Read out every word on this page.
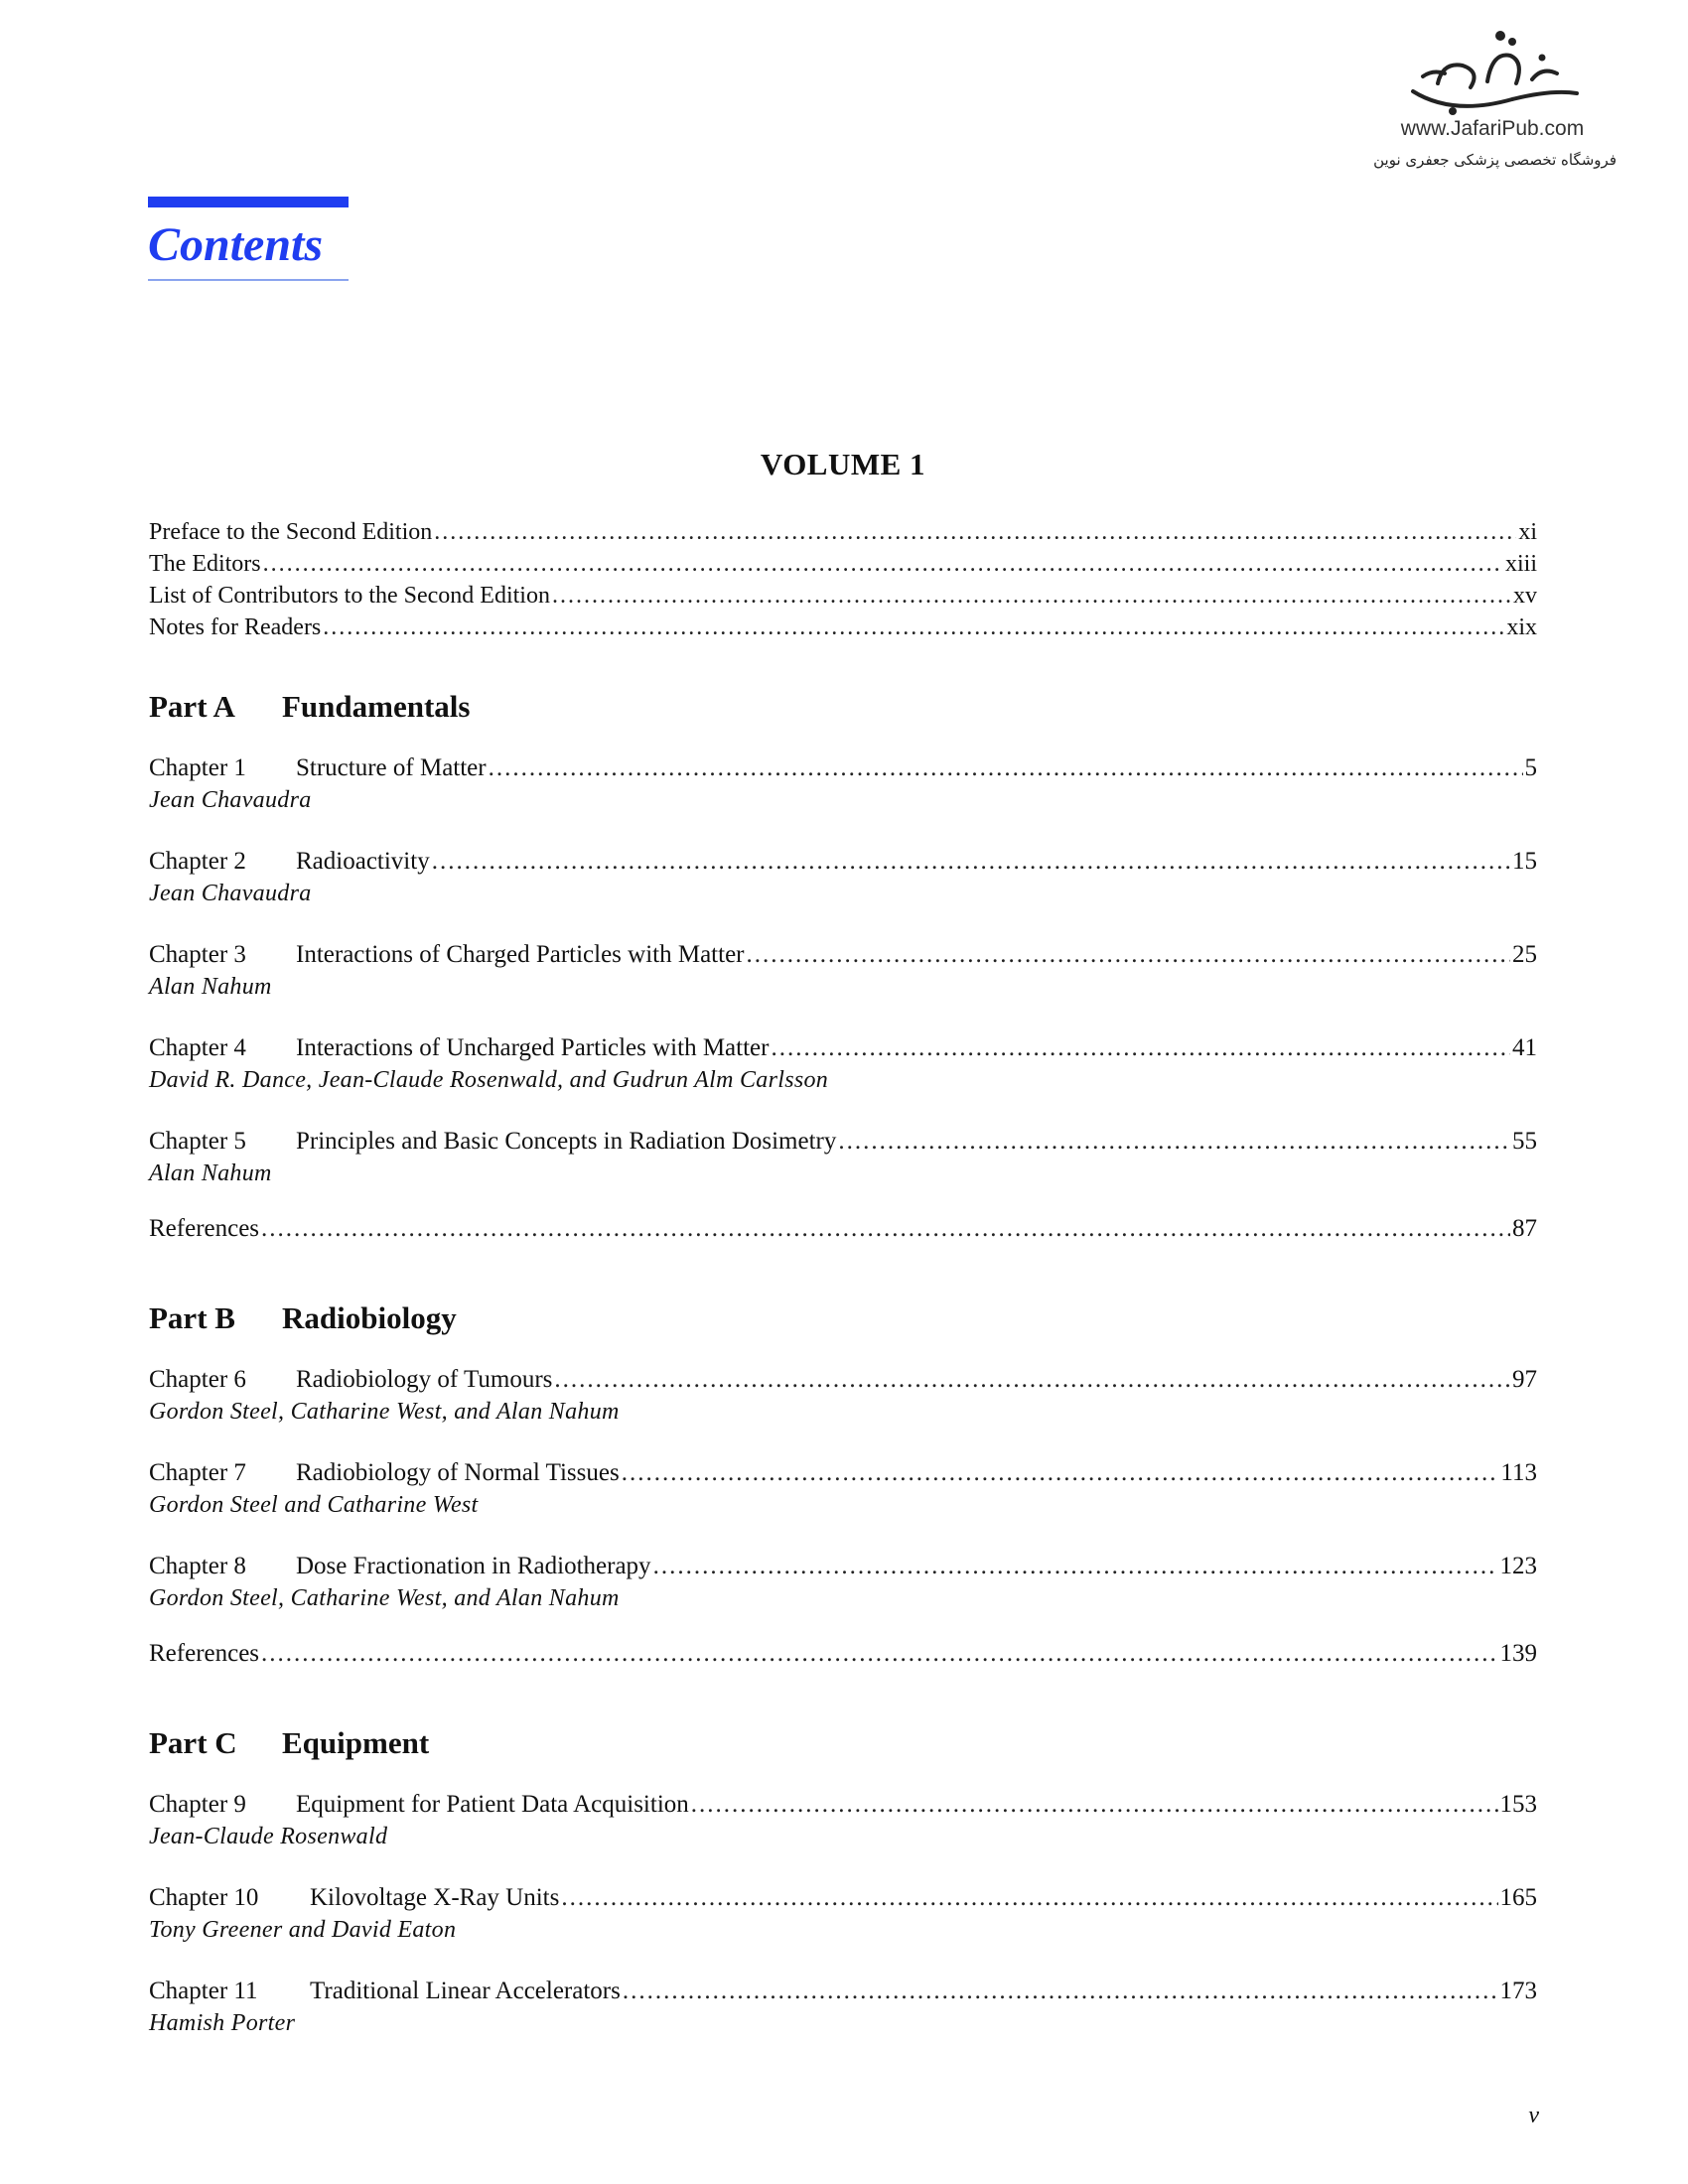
www.JafariPub.com
فروشگاه تخصصی پزشکی جعفری نوین
Contents
VOLUME 1
Preface to the Second Edition .....	xi
The Editors .....	xiii
List of Contributors to the Second Edition .....	xv
Notes for Readers .....	xix
Part A	Fundamentals
Chapter 1 Structure of Matter .....	5
Jean Chavaudra
Chapter 2 Radioactivity .....	15
Jean Chavaudra
Chapter 3 Interactions of Charged Particles with Matter .....	25
Alan Nahum
Chapter 4 Interactions of Uncharged Particles with Matter .....	41
David R. Dance, Jean-Claude Rosenwald, and Gudrun Alm Carlsson
Chapter 5 Principles and Basic Concepts in Radiation Dosimetry .....	55
Alan Nahum
References .....	87
Part B	Radiobiology
Chapter 6 Radiobiology of Tumours .....	97
Gordon Steel, Catharine West, and Alan Nahum
Chapter 7 Radiobiology of Normal Tissues .....	113
Gordon Steel and Catharine West
Chapter 8 Dose Fractionation in Radiotherapy .....	123
Gordon Steel, Catharine West, and Alan Nahum
References .....	139
Part C	Equipment
Chapter 9 Equipment for Patient Data Acquisition .....	153
Jean-Claude Rosenwald
Chapter 10 Kilovoltage X-Ray Units .....	165
Tony Greener and David Eaton
Chapter 11 Traditional Linear Accelerators .....	173
Hamish Porter
v
